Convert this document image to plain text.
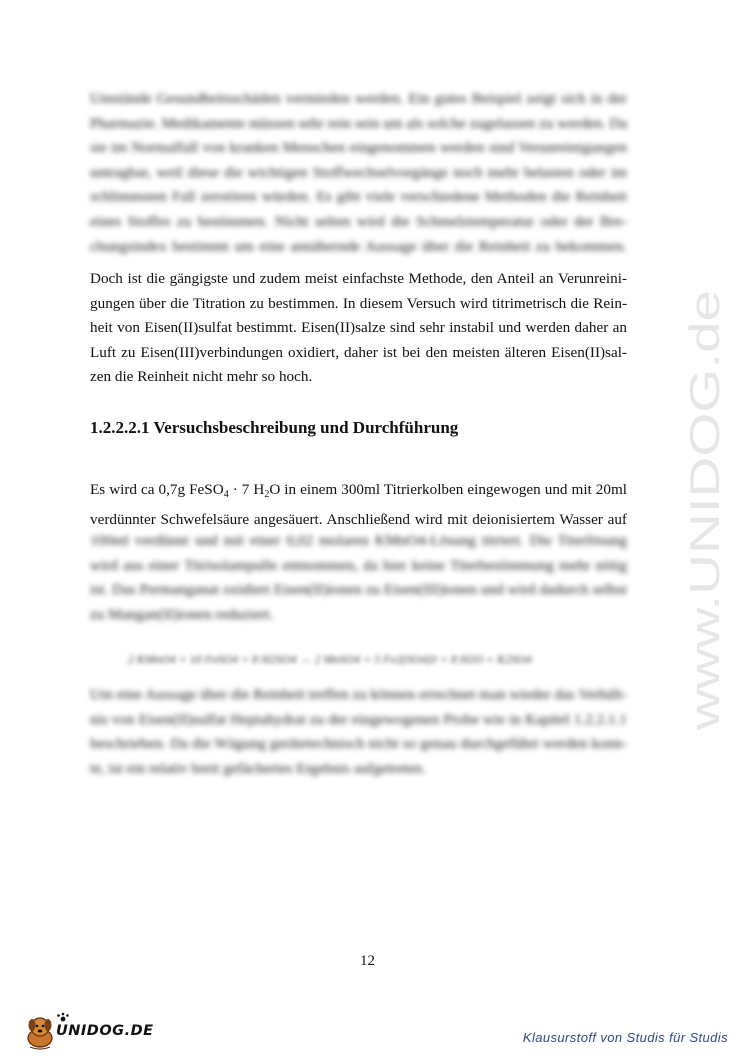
Umstände Gesundheitsschäden vermieden werden. Ein gutes Beispiel zeigt sich in der
Pharmazie. Medikamente müssen sehr rein sein um als solche zugelassen zu werden. Da
sie im Normalfall von kranken Menschen eingenommen werden sind Verunreinigungen
untragbar, weil diese die wichtigen Stoffwechselvorgänge noch mehr belasten oder im
schlimmsten Fall zerstören würden. Es gibt viele verschiedene Methoden die Reinheit
eines Stoffes zu bestimmen. Nicht selten wird die Schmelztemperatur oder der Bre-
chungsindex bestimmt um eine annähernde Aussage über die Reinheit zu bekommen.
Doch ist die gängigste und zudem meist einfachste Methode, den Anteil an Verunreini-
gungen über die Titration zu bestimmen. In diesem Versuch wird titrimetrisch die Rein-
heit von Eisen(II)sulfat bestimmt. Eisen(II)salze sind sehr instabil und werden daher an
Luft zu Eisen(III)verbindungen oxidiert, daher ist bei den meisten älteren Eisen(II)sal-
zen die Reinheit nicht mehr so hoch.
1.2.2.2.1 Versuchsbeschreibung und Durchführung
Es wird ca 0,7g FeSO$_4$ · 7 $H_2O$ in einem 300ml Titrierkolben eingewogen und mit 20ml
verdünnter Schwefelsäure angesäuert. Anschließend wird mit deionisiertem Wasser auf
100ml verdünnt und mit einer 0,02 molaren KMnO4-Lösung titriert. Die Titerlösung
wird aus einer Titrisolampulle entnommen, da hier keine Titerbestimmung mehr nötig
ist. Das Permanganat oxidiert Eisen(II)ionen zu Eisen(III)ionen und wird dadurch selbst
zu Mangan(II)ionen reduziert.
2 KMnO4 + 10 FeSO4 + 8 H2SO4 → 2 MnSO4 + 5 Fe2(SO4)3 + 8 H2O + K2SO4
Um eine Aussage über die Reinheit treffen zu können errechnet man wieder das Verhält-
nis von Eisen(II)sulfat Heptahydrat zu der eingewogenen Probe wie in Kapitel 1.2.2.1.1
beschrieben. Da die Wägung gerätetechnisch nicht so genau durchgeführt werden konn-
te, ist ein relativ breit gefächertes Ergebnis aufgetreten.
12
www.UNIDOG.de
UNIDOG.DE	Klausurstoff von Studis für Studis
